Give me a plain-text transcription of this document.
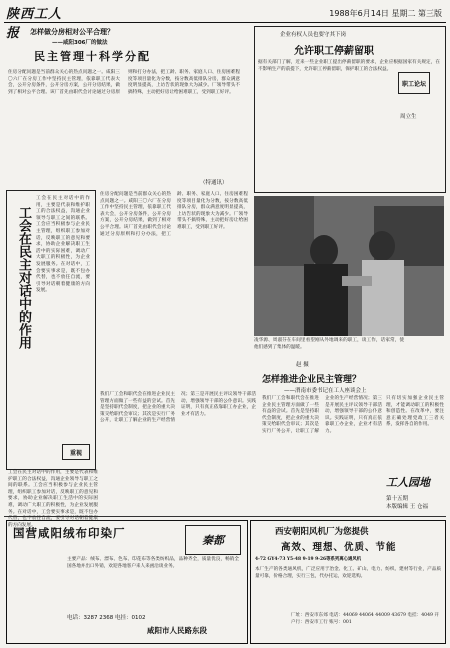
陕西工人报
1988年6月14日 星期二 第三版
怎样做分房相对公平合理？
——咸阳306厂的做法
民主管理十科学分配
住房分配问题是当前群众关心的热点问题之一。咸阳三〇六厂在分房工作中坚持民主管理，依靠职工代表大会，公开分房条件，公开分房方案，公开分房结果，做到了相对公平合理。该厂首先由职代会讨论通过分房原则和打分办法，把工龄、职务、家庭人口、住房困难程度等项目量化为分数，按分数高低排队分房，群众满意度明显提高，上访告状的现象大为减少。厂领导带头不搞特殊，主动把好房让给困难职工，受到职工好评。
（特通讯）
企业有权人员也要守其下岗
允许职工停薪留职
据有关部门了解，近来一些企业职工提出停薪留职的要求，企业应根据国家有关规定，在不影响生产的前提下，允许职工停薪留职，保护职工的合法权益。
职工论坛
周立生
工会在民主对话中的作用
工会在民主对话中的作用，主要是代表和维护职工的合法权益，沟通企业领导与职工之间的联系。工会应当积极参与企业民主管理，组织职工参加对话，反映职工的意见和要求，协助企业解决职工生活中的实际困难，调动广大职工的积极性，为企业发展服务。在对话中，工会要实事求是，既不包办代替，也不放任自流，要引导对话朝着健康的方向发展。
重视
住房分配问题是当前群众关心的热点问题之一。咸阳三〇六厂在分房工作中坚持民主管理，依靠职工代表大会，公开分房条件，公开分房方案，公开分房结果，做到了相对公平合理。该厂首先由职代会讨论通过分房原则和打分办法，把工龄、职务、家庭人口、住房困难程度等项目量化为分数，按分数高低排队分房，群众满意度明显提高，上访告状的现象大为减少。厂领导带头不搞特殊，主动把好房让给困难职工，受到职工好评。
凌华源、周淑芬在车间里看望刚从外地调来的职工，谈工作，话家常，使他们感到了集体的温暖。
赵 摄
怎样推进企业民主管理？
——渭南市委书记在工人座谈会上
我们厂工会和职代会在推进企业民主管理方面做了一些有益的尝试。首先是坚持职代会制度，把企业的重大决策交给职代会审议；其次是实行厂务公开，让职工了解企业的生产经营情况；第三是开展民主评议领导干部活动，增强领导干部的公仆意识。实践证明，只有真正依靠职工办企业，企业才有活力。
我们厂工会和职代会在推进企业民主管理方面做了一些有益的尝试。首先是坚持职代会制度，把企业的重大决策交给职代会审议；其次是实行厂务公开，让职工了解企业的生产经营情况；第三是开展民主评议领导干部活动，增强领导干部的公仆意识。实践证明，只有真正依靠职工办企业，企业才有活力。
只有切实加强企业民主管理，才能调动职工的积极性和创造性。在改革中，要注意正确处理党政工三者关系，发挥各自的作用。
工人园地
第十五期
本版编辑 王 仓福
工会在民主对话中的作用，主要是代表和维护职工的合法权益，沟通企业领导与职工之间的联系。工会应当积极参与企业民主管理，组织职工参加对话，反映职工的意见和要求，协助企业解决职工生活中的实际困难，调动广大职工的积极性，为企业发展服务。在对话中，工会要实事求是，既不包办代替，也不放任自流，要引导对话朝着健康的方向发展。
国营咸阳绒布印染厂
秦都
主要产品：绒布、漂布、色布、印花布等各类纺织品，品种齐全，质量优良，畅销全国各地并出口外销，欢迎各地客户来人来函洽谈业务。
电话：3287 2368 电挂：0102
咸阳市人民路东段
西安朝阳风机厂为您提供
高效、理想、优质、节能
4-72 GY4-73 Y5-48 9-19 9-26等系列离心通风机
本厂生产的各类通风机，广泛应用于冶金、化工、矿山、电力、纺织、建材等行业，产品质量可靠，价格合理，实行三包，代办托运，欢迎选购。
厂址：西安市东郊 电话：44069 44064 44009 43679 电挂：4049 开户行：西安市工行 账号：001
